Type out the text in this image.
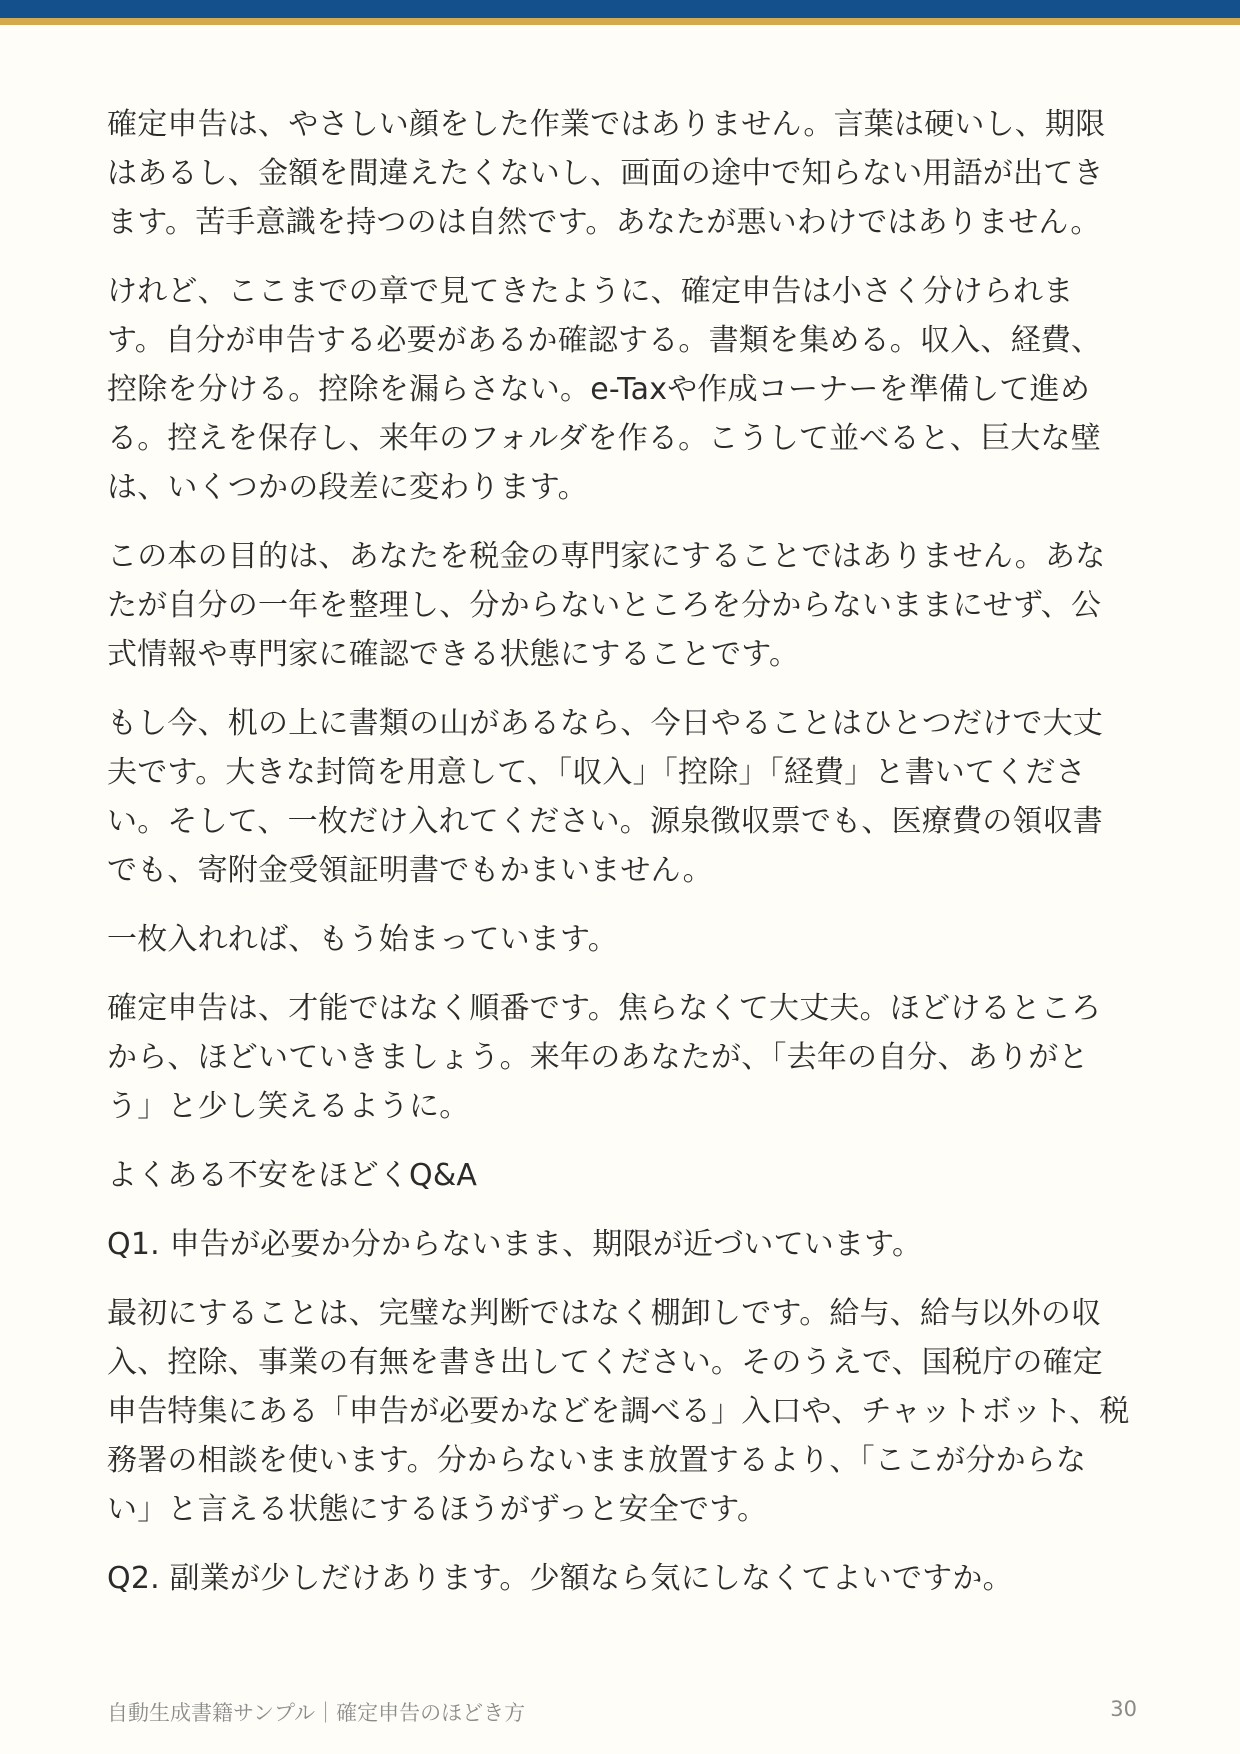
確定申告は、やさしい顔をした作業ではありません。言葉は硬いし、期限はあるし、金額を間違えたくないし、画面の途中で知らない用語が出てきます。苦手意識を持つのは自然です。あなたが悪いわけではありません。

けれど、ここまでの章で見てきたように、確定申告は小さく分けられます。自分が申告する必要があるか確認する。書類を集める。収入、経費、控除を分ける。控除を漏らさない。e-Taxや作成コーナーを準備して進める。控えを保存し、来年のフォルダを作る。こうして並べると、巨大な壁は、いくつかの段差に変わります。

この本の目的は、あなたを税金の専門家にすることではありません。あなたが自分の一年を整理し、分からないところを分からないままにせず、公式情報や専門家に確認できる状態にすることです。

もし今、机の上に書類の山があるなら、今日やることはひとつだけで大丈夫です。大きな封筒を用意して、「収入」「控除」「経費」と書いてください。そして、一枚だけ入れてください。源泉徴収票でも、医療費の領収書でも、寄附金受領証明書でもかまいません。

一枚入れれば、もう始まっています。

確定申告は、才能ではなく順番です。焦らなくて大丈夫。ほどけるところから、ほどいていきましょう。来年のあなたが、「去年の自分、ありがとう」と少し笑えるように。

よくある不安をほどくQ&A

Q1. 申告が必要か分からないまま、期限が近づいています。

最初にすることは、完璧な判断ではなく棚卸しです。給与、給与以外の収入、控除、事業の有無を書き出してください。そのうえで、国税庁の確定申告特集にある「申告が必要かなどを調べる」入口や、チャットボット、税務署の相談を使います。分からないまま放置するより、「ここが分からない」と言える状態にするほうがずっと安全です。

Q2. 副業が少しだけあります。少額なら気にしなくてよいですか。

自動生成書籍サンプル｜確定申告のほどき方	30
